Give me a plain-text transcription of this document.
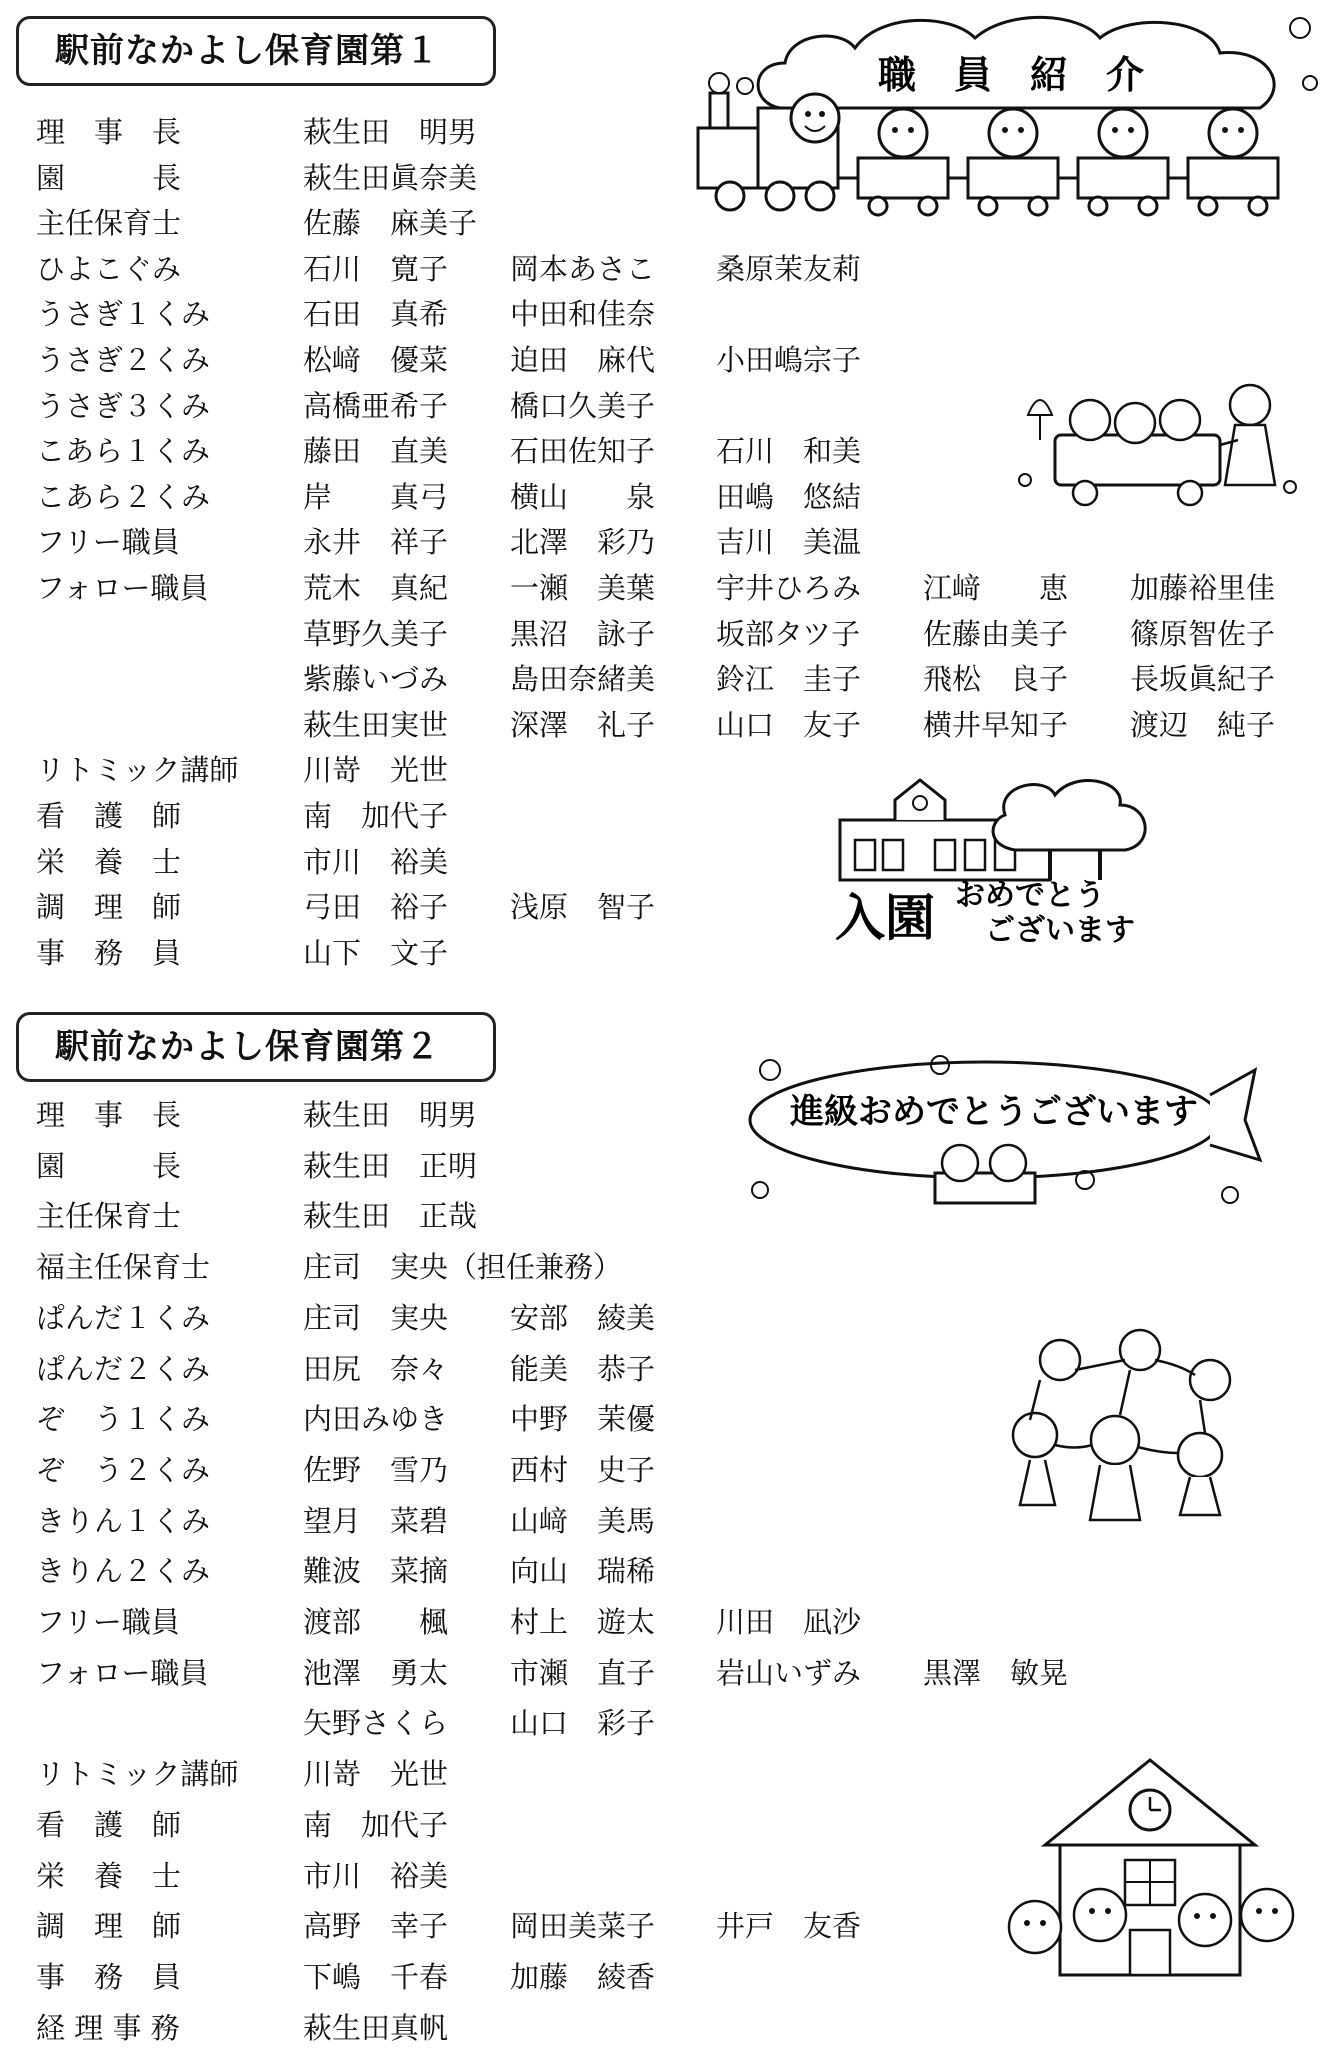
駅前なかよし保育園第１
理　事　長	萩生田　明男
園　　　長	萩生田眞奈美
主任保育士	佐藤　麻美子
ひよこぐみ	石川　寛子 岡本あさこ 桑原茉友莉
うさぎ１くみ	石田　真希 中田和佳奈
うさぎ２くみ	松﨑　優菜 迫田　麻代 小田嶋宗子
うさぎ３くみ	高橋亜希子 橋口久美子
こあら１くみ	藤田　直美 石田佐知子 石川　和美
こあら２くみ	岸　　真弓 横山　　泉 田嶋　悠結
フリー職員	永井　祥子 北澤　彩乃 吉川　美温
フォロー職員	荒木　真紀 一瀬　美葉 宇井ひろみ 江﨑　　恵 加藤裕里佳
草野久美子 黒沼　詠子 坂部タツ子 佐藤由美子 篠原智佐子
紫藤いづみ 島田奈緒美 鈴江　圭子 飛松　良子 長坂眞紀子
萩生田実世 深澤　礼子 山口　友子 横井早知子 渡辺　純子
リトミック講師 川嵜　光世
看　護　師	南　加代子
栄　養　士	市川　裕美
調　理　師	弓田　裕子 浅原　智子
事　務　員	山下　文子
駅前なかよし保育園第２
理　事　長	萩生田　明男
園　　　長	萩生田　正明
主任保育士	萩生田　正哉
福主任保育士	庄司　実央（担任兼務）
ぱんだ１くみ	庄司　実央 安部　綾美
ぱんだ２くみ	田尻　奈々 能美　恭子
ぞ　う１くみ	内田みゆき 中野　茉優
ぞ　う２くみ	佐野　雪乃 西村　史子
きりん１くみ	望月　菜碧 山﨑　美馬
きりん２くみ	難波　菜摘 向山　瑞稀
フリー職員	渡部　　楓 村上　遊太 川田　凪沙
フォロー職員	池澤　勇太 市瀬　直子 岩山いずみ 黒澤　敏晃
矢野さくら 山口　彩子
リトミック講師 川嵜　光世
看　護　師	南　加代子
栄　養　士	市川　裕美
調　理　師	高野　幸子 岡田美菜子 井戸　友香
事　務　員	下嶋　千春 加藤　綾香
経 理 事 務	萩生田真帆
職　員　紹　介
入園 おめでとう
ございます
進級おめでとうございます
